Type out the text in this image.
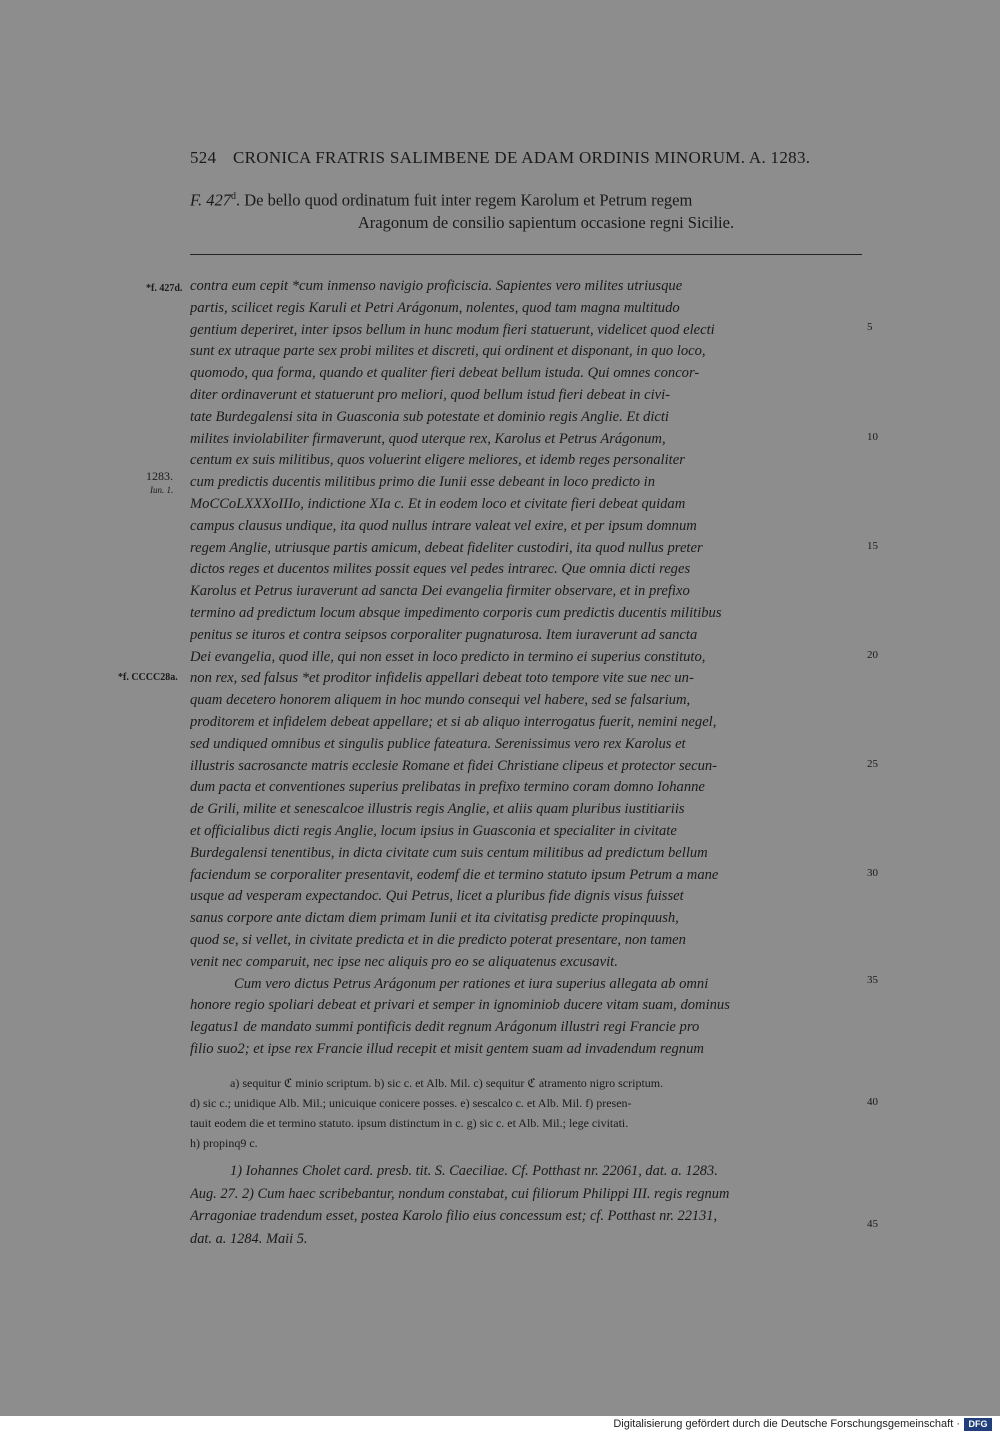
524 CRONICA FRATRIS SALIMBENE DE ADAM ORDINIS MINORUM. A. 1283.
F. 427$^d$. De bello quod ordinatum fuit inter regem Karolum et Petrum regem
Aragonum de consilio sapientum occasione regni Sicilie.
*f. 427d.
1283.
Iun. 1.
*f. CCCC28a.
contra eum cepit *cum inmenso navigio proficiscia. Sapientes vero milites utriusque
partis, scilicet regis Karuli et Petri Arágonum, nolentes, quod tam magna multitudo
gentium deperiret, inter ipsos bellum in hunc modum fieri statuerunt, videlicet quod electi
sunt ex utraque parte sex probi milites et discreti, qui ordinent et disponant, in quo loco,
quomodo, qua forma, quando et qualiter fieri debeat bellum istuda. Qui omnes concor-
diter ordinaverunt et statuerunt pro meliori, quod bellum istud fieri debeat in civi-
tate Burdegalensi sita in Guasconia sub potestate et dominio regis Anglie. Et dicti
milites inviolabiliter firmaverunt, quod uterque rex, Karolus et Petrus Arágonum,
centum ex suis militibus, quos voluerint eligere meliores, et idemb reges personaliter
cum predictis ducentis militibus primo die Iunii esse debeant in loco predicto in
MoCCoLXXXoIIIo, indictione XIa c. Et in eodem loco et civitate fieri debeat quidam
campus clausus undique, ita quod nullus intrare valeat vel exire, et per ipsum domnum
regem Anglie, utriusque partis amicum, debeat fideliter custodiri, ita quod nullus preter
dictos reges et ducentos milites possit eques vel pedes intrarec. Que omnia dicti reges
Karolus et Petrus iuraverunt ad sancta Dei evangelia firmiter observare, et in prefixo
termino ad predictum locum absque impedimento corporis cum predictis ducentis militibus
penitus se ituros et contra seipsos corporaliter pugnaturosa. Item iuraverunt ad sancta
Dei evangelia, quod ille, qui non esset in loco predicto in termino ei superius constituto,
non rex, sed falsus *et proditor infidelis appellari debeat toto tempore vite sue nec un-
quam decetero honorem aliquem in hoc mundo consequi vel habere, sed se falsarium,
proditorem et infidelem debeat appellare; et si ab aliquo interrogatus fuerit, nemini negel,
sed undiqued omnibus et singulis publice fateatura. Serenissimus vero rex Karolus et
illustris sacrosancte matris ecclesie Romane et fidei Christiane clipeus et protector secun-
dum pacta et conventiones superius prelibatas in prefixo termino coram domno Iohanne
de Grili, milite et senescalcoe illustris regis Anglie, et aliis quam pluribus iustitiariis
et officialibus dicti regis Anglie, locum ipsius in Guasconia et specialiter in civitate
Burdegalensi tenentibus, in dicta civitate cum suis centum militibus ad predictum bellum
faciendum se corporaliter presentavit, eodemf die et termino statuto ipsum Petrum a mane
usque ad vesperam expectandoc. Qui Petrus, licet a pluribus fide dignis visus fuisset
sanus corpore ante dictam diem primam Iunii et ita civitatisg predicte propinquush,
quod se, si vellet, in civitate predicta et in die predicto poterat presentare, non tamen
venit nec comparuit, nec ipse nec aliquis pro eo se aliquatenus excusavit.
Cum vero dictus Petrus Arágonum per rationes et iura superius allegata ab omni
honore regio spoliari debeat et privari et semper in ignominiob ducere vitam suam, dominus
legatus1 de mandato summi pontificis dedit regnum Arágonum illustri regi Francie pro
filio suo2; et ipse rex Francie illud recepit et misit gentem suam ad invadendum regnum
5
10
15
20
25
30
35
40
45
a) sequitur ℭ minio scriptum. b) sic c. et Alb. Mil. c) sequitur ℭ atramento nigro scriptum.
d) sic c.; unidique Alb. Mil.; unicuique conicere posses. e) sescalco c. et Alb. Mil. f) presen-
tauit eodem die et termino statuto. ipsum distinctum in c. g) sic c. et Alb. Mil.; lege civitati.
h) propinq9 c.
1) Iohannes Cholet card. presb. tit. S. Caeciliae. Cf. Potthast nr. 22061, dat. a. 1283.
Aug. 27. 2) Cum haec scribebantur, nondum constabat, cui filiorum Philippi III. regis regnum
Arragoniae tradendum esset, postea Karolo filio eius concessum est; cf. Potthast nr. 22131,
dat. a. 1284. Maii 5.
Digitalisierung gefördert durch die Deutsche Forschungsgemeinschaft · DFG
